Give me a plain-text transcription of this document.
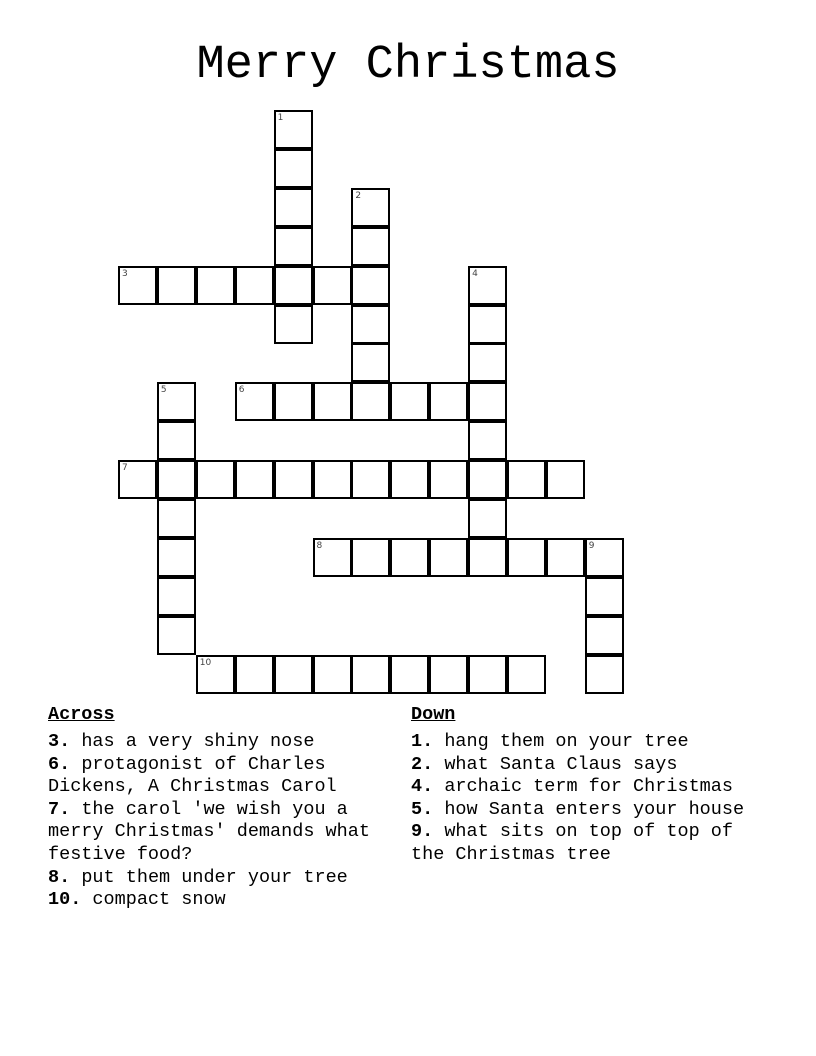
Merry Christmas
1
2
3	4
5	6
7
8	9
10
Across
3. has a very shiny nose
6. protagonist of Charles Dickens, A Christmas Carol
7. the carol 'we wish you a merry Christmas' demands what festive food?
8. put them under your tree
10. compact snow
Down
1. hang them on your tree
2. what Santa Claus says
4. archaic term for Christmas
5. how Santa enters your house
9. what sits on top of top of the Christmas tree
